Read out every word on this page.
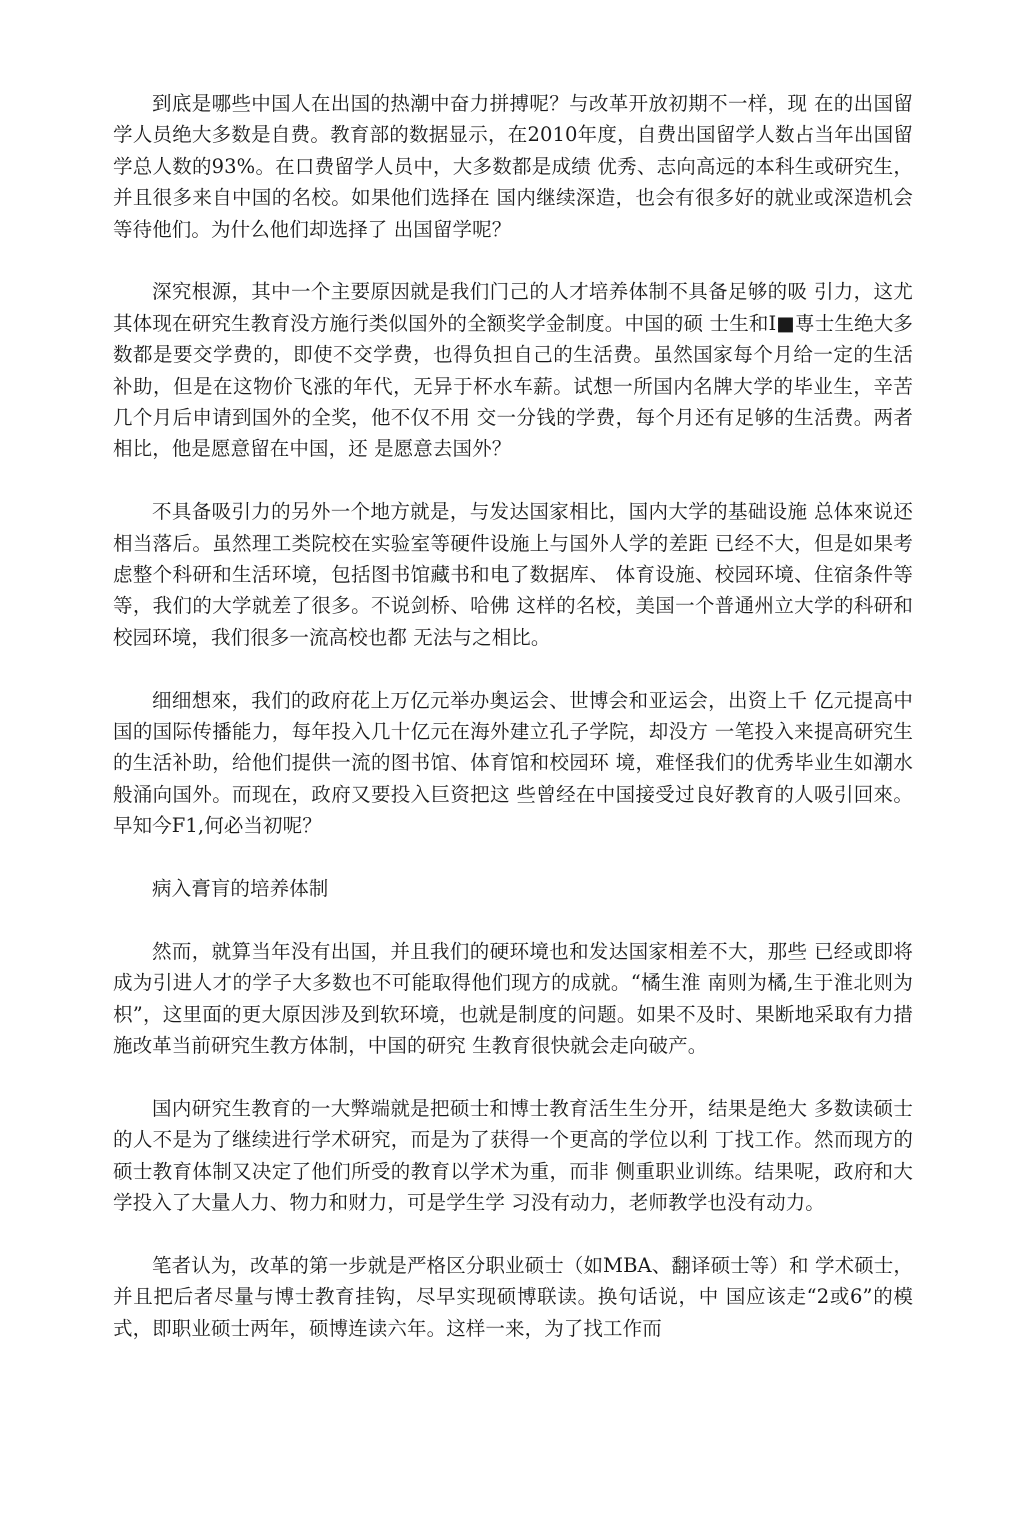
到底是哪些中国人在出国的热潮中奋力拼搏呢？与改革开放初期不一样，现 在的出国留学人员绝大多数是自费。教育部的数据显示，在2010年度，自费出国留学人数占当年出国留学总人数的93%。在口费留学人员中，大多数都是成绩 优秀、志向高远的本科生或研究生，并且很多来自中国的名校。如果他们选择在 国内继续深造，也会有很多好的就业或深造机会等待他们。为什么他们却选择了 出国留学呢？

深究根源，其中一个主要原因就是我们门己的人才培养体制不具备足够的吸 引力，这尤其体现在研究生教育没方施行类似国外的全额奖学金制度。中国的硕 士生和Ⅰ■専士生绝大多数都是要交学费的，即使不交学费，也得负担自己的生活费。虽然国家每个月给一定的生活补助，但是在这物价飞涨的年代，无异于杯水车薪。试想一所国内名牌大学的毕业生，辛苦几个月后申请到国外的全奖，他不仅不用 交一分钱的学费，每个月还有足够的生活费。两者相比，他是愿意留在中国，还 是愿意去国外？

不具备吸引力的另外一个地方就是，与发达国家相比，国内大学的基础设施 总体來说还相当落后。虽然理工类院校在实验室等硬件设施上与国外人学的差距 已经不大，但是如果考虑整个科研和生活环境，包括图书馆藏书和电了数据库、 体育设施、校园环境、住宿条件等等，我们的大学就差了很多。不说剑桥、哈佛 这样的名校，美国一个普通州立大学的科研和校园环境，我们很多一流高校也都 无法与之相比。

细细想來，我们的政府花上万亿元举办奥运会、世博会和亚运会，出资上千 亿元提高中国的国际传播能力，每年投入几十亿元在海外建立孔子学院，却没方 一笔投入来提高研究生的生活补助，给他们提供一流的图书馆、体育馆和校园环 境，难怪我们的优秀毕业生如潮水般涌向国外。而现在，政府又要投入巨资把这 些曾经在中国接受过良好教育的人吸引回來。早知今F1,何必当初呢？

病入膏肓的培养体制

然而，就算当年没有出国，并且我们的硬环境也和发达国家相差不大，那些 已经或即将成为引进人才的学子大多数也不可能取得他们现方的成就。“橘生淮 南则为橘,生于淮北则为枳”，这里面的更大原因涉及到软环境，也就是制度的问题。如果不及时、果断地采取有力措施改革当前研究生教方体制，中国的研究 生教育很快就会走向破产。

国内研究生教育的一大弊端就是把硕士和博士教育活生生分开，结果是绝大 多数读硕士的人不是为了继续进行学术研究，而是为了获得一个更高的学位以利 丁找工作。然而现方的硕士教育体制又决定了他们所受的教育以学术为重，而非 侧重职业训练。结果呢，政府和大学投入了大量人力、物力和财力，可是学生学 习没有动力，老师教学也没有动力。

笔者认为，改革的第一步就是严格区分职业硕士（如MBA、翻译硕士等）和 学术硕士，并且把后者尽量与博士教育挂钩，尽早实现硕博联读。换句话说，中 国应该走“2或6”的模式，即职业硕士两年，硕博连读六年。这样一来，为了找工作而
